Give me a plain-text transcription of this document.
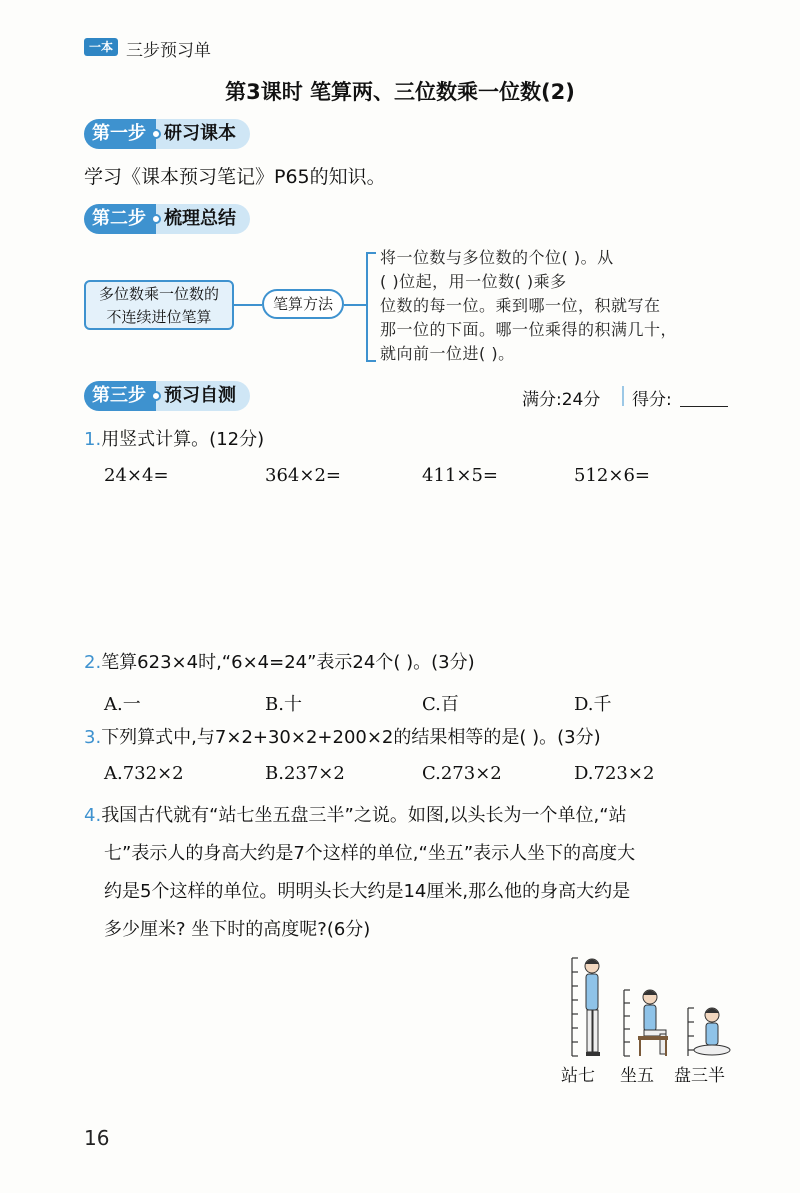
一本 三步预习单
第3课时 笔算两、三位数乘一位数(2)
第一步	研习课本
学习《课本预习笔记》P65的知识。
第二步	梳理总结
多位数乘一位数的
不连续进位笔算
笔算方法
将一位数与多位数的个位( )。从
( )位起，用一位数( )乘多
位数的每一位。乘到哪一位，积就写在
那一位的下面。哪一位乘得的积满几十，
就向前一位进( )。
第三步	预习自测	满分:24分 得分:
1.用竖式计算。(12分)
24×4=	364×2=	411×5=	512×6=
2.笔算623×4时,“6×4=24”表示24个( )。(3分)
A.一	B.十	C.百	D.千
3.下列算式中,与7×2+30×2+200×2的结果相等的是( )。(3分)
A.732×2	B.237×2	C.273×2	D.723×2
4.我国古代就有“站七坐五盘三半”之说。如图,以头长为一个单位,“站
七”表示人的身高大约是7个这样的单位,“坐五”表示人坐下的高度大
约是5个这样的单位。明明头长大约是14厘米,那么他的身高大约是
多少厘米? 坐下时的高度呢?(6分)
站七 坐五 盘三半
16
